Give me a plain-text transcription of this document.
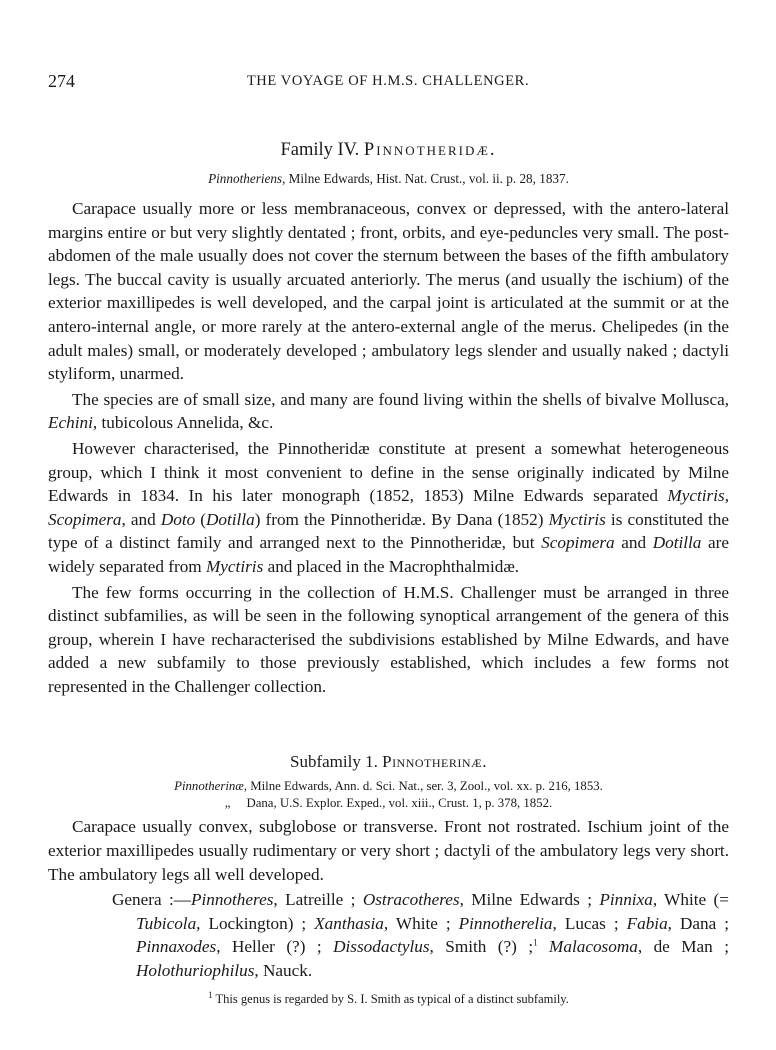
274	THE VOYAGE OF H.M.S. CHALLENGER.
Family IV. Pinnotheridæ.
Pinnotheriens, Milne Edwards, Hist. Nat. Crust., vol. ii. p. 28, 1837.

Carapace usually more or less membranaceous, convex or depressed, with the antero-lateral margins entire or but very slightly dentated ; front, orbits, and eye-peduncles very small. The post-abdomen of the male usually does not cover the sternum between the bases of the fifth ambulatory legs. The buccal cavity is usually arcuated anteriorly. The merus (and usually the ischium) of the exterior maxillipedes is well developed, and the carpal joint is articulated at the summit or at the antero-internal angle, or more rarely at the antero-external angle of the merus. Chelipedes (in the adult males) small, or moderately developed ; ambulatory legs slender and usually naked ; dactyli styliform, unarmed.

The species are of small size, and many are found living within the shells of bivalve Mollusca, Echini, tubicolous Annelida, &c.

However characterised, the Pinnotheridæ constitute at present a somewhat heterogeneous group, which I think it most convenient to define in the sense originally indicated by Milne Edwards in 1834. In his later monograph (1852, 1853) Milne Edwards separated Myctiris, Scopimera, and Doto (Dotilla) from the Pinnotheridæ. By Dana (1852) Myctiris is constituted the type of a distinct family and arranged next to the Pinnotheridæ, but Scopimera and Dotilla are widely separated from Myctiris and placed in the Macrophthalmidæ.

The few forms occurring in the collection of H.M.S. Challenger must be arranged in three distinct subfamilies, as will be seen in the following synoptical arrangement of the genera of this group, wherein I have recharacterised the subdivisions established by Milne Edwards, and have added a new subfamily to those previously established, which includes a few forms not represented in the Challenger collection.

Subfamily 1. Pinnotherinæ.
Pinnotherinæ, Milne Edwards, Ann. d. Sci. Nat., ser. 3, Zool., vol. xx. p. 216, 1853.
„ Dana, U.S. Explor. Exped., vol. xiii., Crust. 1, p. 378, 1852.

Carapace usually convex, subglobose or transverse. Front not rostrated. Ischium joint of the exterior maxillipedes usually rudimentary or very short ; dactyli of the ambulatory legs very short. The ambulatory legs all well developed.

Genera :—Pinnotheres, Latreille ; Ostracotheres, Milne Edwards ; Pinnixa, White (= Tubicola, Lockington) ; Xanthasia, White ; Pinnotherelia, Lucas ; Fabia, Dana ; Pinnaxodes, Heller (?) ; Dissodactylus, Smith (?) ;$^1$ Malacosoma, de Man ; Holothuriophilus, Nauck.
$^1$ This genus is regarded by S. I. Smith as typical of a distinct subfamily.
